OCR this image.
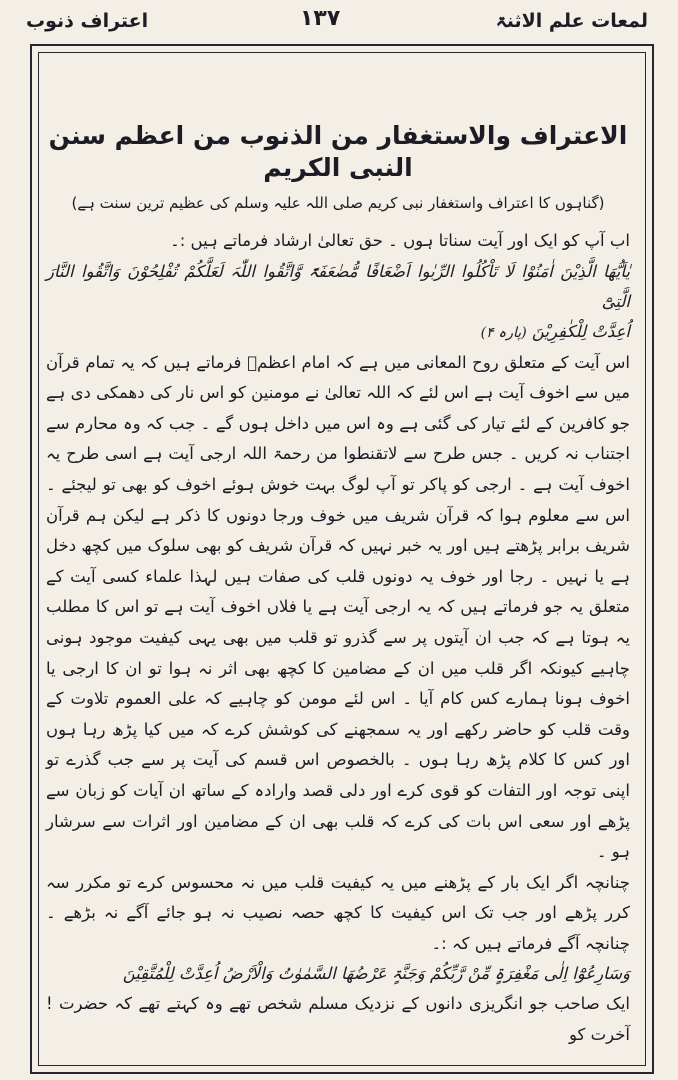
لمعات علم الاثنۃ
۱۳۷
اعتراف ذنوب
الاعتراف والاستغفار من الذنوب من اعظم سنن النبی الکریم
(گناہوں کا اعتراف واستغفار نبی کریم صلی اللہ علیہ وسلم کی عظیم ترین سنت ہے)

اب آپ کو ایک اور آیت سناتا ہوں ۔ حق تعالیٰ ارشاد فرماتے ہیں :۔

یٰاَیُّھَا الَّذِیْنَ اٰمَنُوْا لَا تَاْکُلُوا الرِّبٰوا اَضْعَافًا مُّضٰعَفَۃً وَّاتَّقُوا اللّٰہَ لَعَلَّکُمْ تُفْلِحُوْنَ وَاتَّقُوا النَّارَ الَّتِیْٓ

اُعِدَّتْ لِلْکٰفِرِیْنَ (پارہ ۴)

اس آیت کے متعلق روح المعانی میں ہے کہ امام اعظمؒ فرماتے ہیں کہ یہ تمام قرآن میں سے اخوف آیت ہے اس لئے کہ اللہ تعالیٰ نے مومنین کو اس نار کی دھمکی دی ہے جو کافرین کے لئے تیار کی گئی ہے وہ اس میں داخل ہوں گے ۔ جب کہ وہ محارم سے اجتناب نہ کریں ۔ جس طرح سے لاتقنطوا من رحمۃ اللہ ارجی آیت ہے اسی طرح یہ اخوف آیت ہے ۔ ارجی کو پاکر تو آپ لوگ بہت خوش ہوئے اخوف کو بھی تو لیجئے ۔ اس سے معلوم ہوا کہ قرآن شریف میں خوف ورجا دونوں کا ذکر ہے لیکن ہم قرآن شریف برابر پڑھتے ہیں اور یہ خبر نہیں کہ قرآن شریف کو بھی سلوک میں کچھ دخل ہے یا نہیں ۔ رجا اور خوف یہ دونوں قلب کی صفات ہیں لہذا علماء کسی آیت کے متعلق یہ جو فرماتے ہیں کہ یہ ارجی آیت ہے یا فلاں اخوف آیت ہے تو اس کا مطلب یہ ہوتا ہے کہ جب ان آیتوں پر سے گذرو تو قلب میں بھی یہی کیفیت موجود ہونی چاہیے کیونکہ اگر قلب میں ان کے مضامین کا کچھ بھی اثر نہ ہوا تو ان کا ارجی یا اخوف ہونا ہمارے کس کام آیا ۔ اس لئے مومن کو چاہیے کہ علی العموم تلاوت کے وقت قلب کو حاضر رکھے اور یہ سمجھنے کی کوشش کرے کہ میں کیا پڑھ رہا ہوں اور کس کا کلام پڑھ رہا ہوں ۔ بالخصوص اس قسم کی آیت پر سے جب گذرے تو اپنی توجہ اور التفات کو قوی کرے اور دلی قصد وارادہ کے ساتھ ان آیات کو زبان سے پڑھے اور سعی اس بات کی کرے کہ قلب بھی ان کے مضامین اور اثرات سے سرشار ہو ۔

چنانچہ اگر ایک بار کے پڑھنے میں یہ کیفیت قلب میں نہ محسوس کرے تو مکرر سہ کرر پڑھے اور جب تک اس کیفیت کا کچھ حصہ نصیب نہ ہو جائے آگے نہ بڑھے ۔ چنانچہ آگے فرماتے ہیں کہ :۔

وَسَارِعُوْٓا اِلٰی مَغْفِرَۃٍ مِّنْ رَّبِّکُمْ وَجَنَّۃٍ عَرْضُھَا السَّمٰوٰتُ وَالْاَرْضُ اُعِدَّتْ لِلْمُتَّقِیْنَ

ایک صاحب جو انگریزی دانوں کے نزدیک مسلم شخص تھے وہ کہتے تھے کہ حضرت ! آخرت کو
